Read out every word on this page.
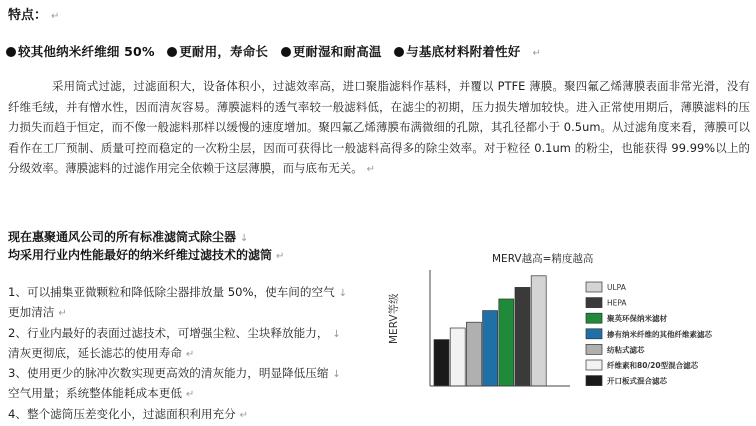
特点： ↵
较其他纳米纤维细 50% 更耐用，寿命长 更耐湿和耐高温 与基底材料附着性好 ↵
采用筒式过滤，过滤面积大，设备体积小，过滤效率高，进口聚脂滤料作基料，并覆以 PTFE 薄膜。聚四氟乙烯薄膜表面非常光滑，没有纤维毛绒，并有憎水性，因而清灰容易。薄膜滤料的透气率较一般滤料低，在滤尘的初期，压力损失增加较快。进入正常使用期后，薄膜滤料的压力损失而趋于恒定，而不像一般滤料那样以缓慢的速度增加。聚四氟乙烯薄膜布满微细的孔隙，其孔径都小于 0.5um。从过滤角度来看，薄膜可以看作在工厂预制、质量可控而稳定的一次粉尘层，因而可获得比一般滤料高得多的除尘效率。对于粒径 0.1um 的粉尘，也能获得 99.99%以上的分级效率。薄膜滤料的过滤作用完全依赖于这层薄膜，而与底布无关。 ↵
现在惠聚通风公司的所有标准滤筒式除尘器 ↓
均采用行业内性能最好的纳米纤维过滤技术的滤筒 ↵
1、可以捕集亚微颗粒和降低除尘器排放量 50%，使车间的空气 ↓
更加清洁 ↵
2、行业内最好的表面过滤技术，可增强尘粒、尘块释放能力， ↓
清灰更彻底，延长滤芯的使用寿命 ↵
3、使用更少的脉冲次数实现更高效的清灰能力，明显降低压缩 ↓
空气用量；系统整体能耗成本更低 ↵
4、整个滤筒压差变化小，过滤面积利用充分 ↵
MERV越高=精度越高
MERV等级
ULPA
HEPA
聚英环保纳米滤材
掺有纳米纤维的其他纤维素滤芯
纺粘式滤芯
纤维素和80/20型混合滤芯
开口板式混合滤芯
